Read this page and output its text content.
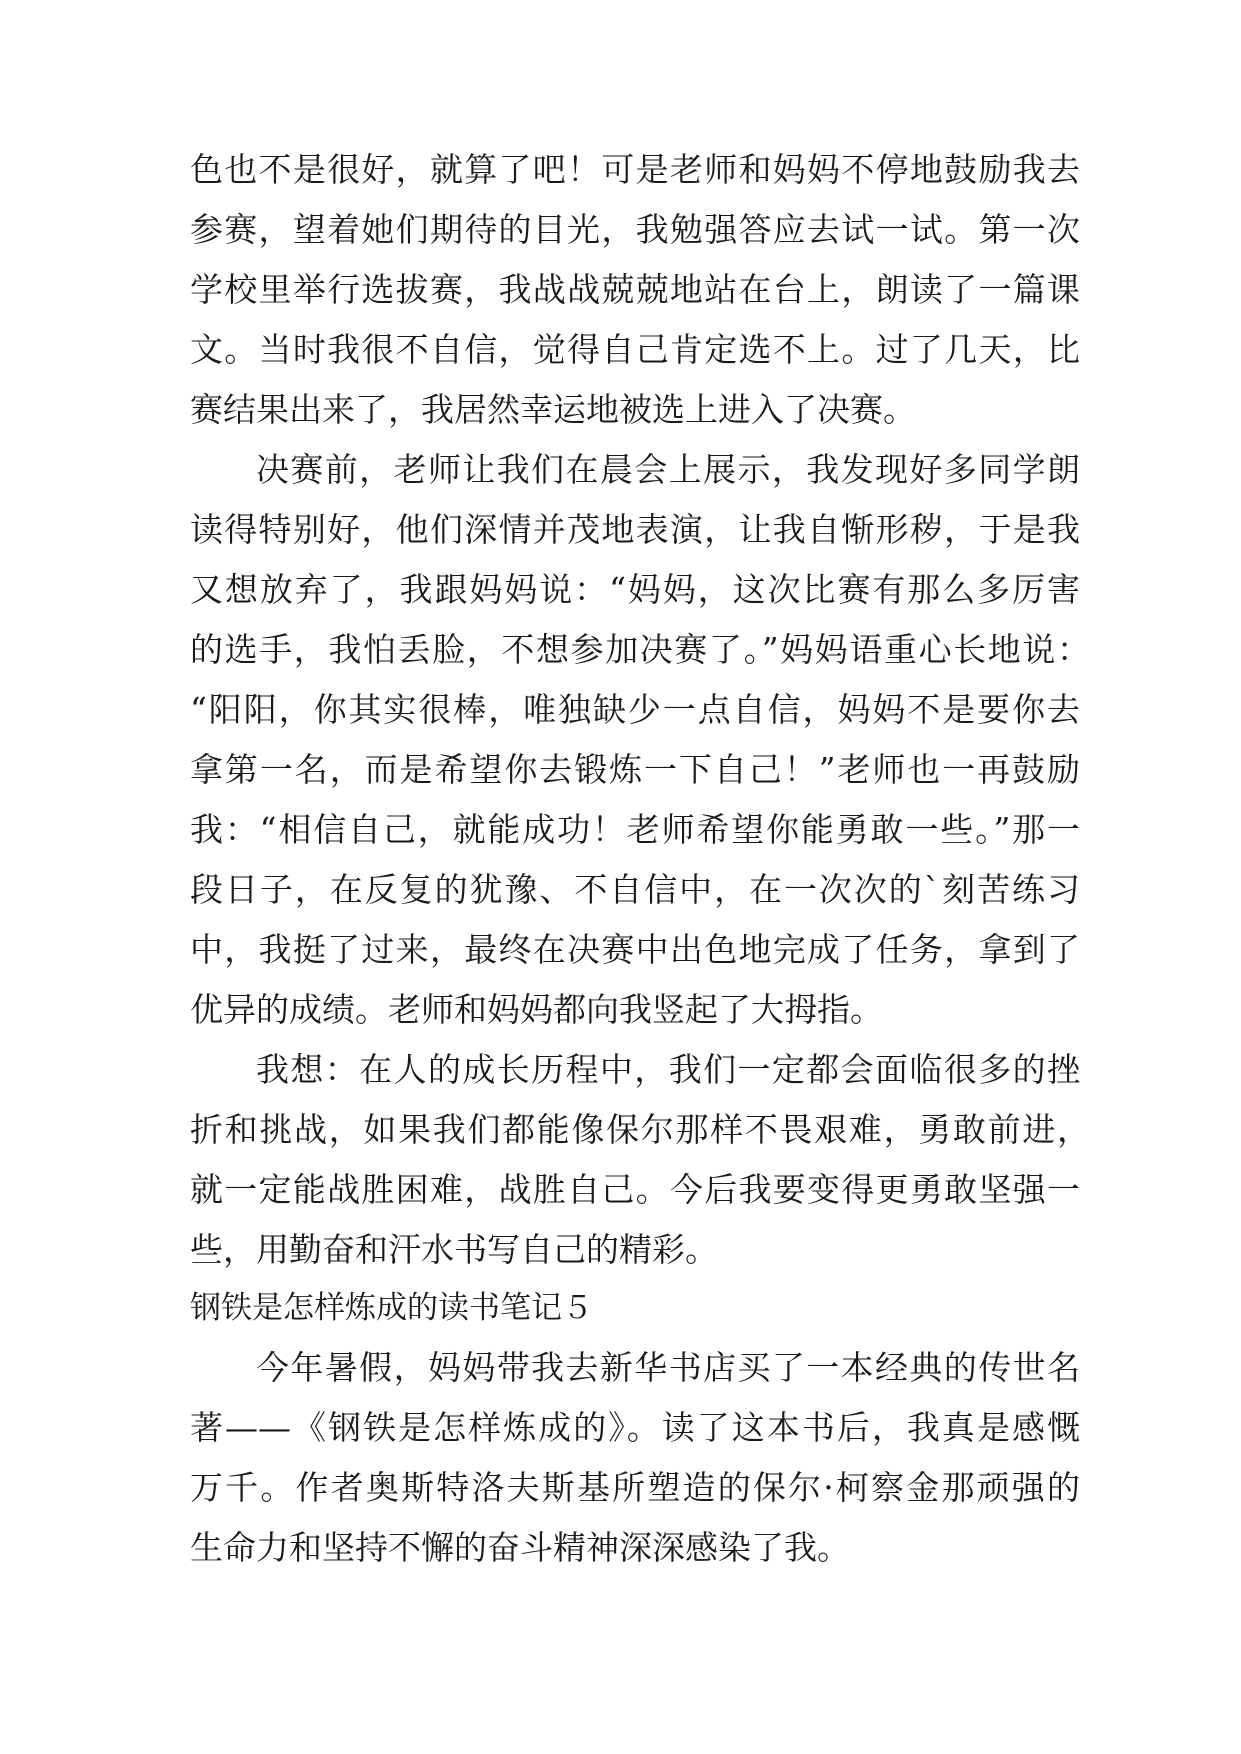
色也不是很好，就算了吧！可是老师和妈妈不停地鼓励我去
参赛，望着她们期待的目光，我勉强答应去试一试。第一次
学校里举行选拔赛，我战战兢兢地站在台上，朗读了一篇课
文。当时我很不自信，觉得自己肯定选不上。过了几天，比
赛结果出来了，我居然幸运地被选上进入了决赛。
决赛前，老师让我们在晨会上展示，我发现好多同学朗
读得特别好，他们深情并茂地表演，让我自惭形秽，于是我
又想放弃了，我跟妈妈说：“妈妈，这次比赛有那么多厉害
的选手，我怕丢脸，不想参加决赛了。”妈妈语重心长地说：
“阳阳，你其实很棒，唯独缺少一点自信，妈妈不是要你去
拿第一名，而是希望你去锻炼一下自己！”老师也一再鼓励
我：“相信自己，就能成功！老师希望你能勇敢一些。”那一
段日子，在反复的犹豫、不自信中，在一次次的`刻苦练习
中，我挺了过来，最终在决赛中出色地完成了任务，拿到了
优异的成绩。老师和妈妈都向我竖起了大拇指。
我想：在人的成长历程中，我们一定都会面临很多的挫
折和挑战，如果我们都能像保尔那样不畏艰难，勇敢前进，
就一定能战胜困难，战胜自己。今后我要变得更勇敢坚强一
些，用勤奋和汗水书写自己的精彩。
钢铁是怎样炼成的读书笔记５
今年暑假，妈妈带我去新华书店买了一本经典的传世名
著——《钢铁是怎样炼成的》。读了这本书后，我真是感慨
万千。作者奥斯特洛夫斯基所塑造的保尔·柯察金那顽强的
生命力和坚持不懈的奋斗精神深深感染了我。
